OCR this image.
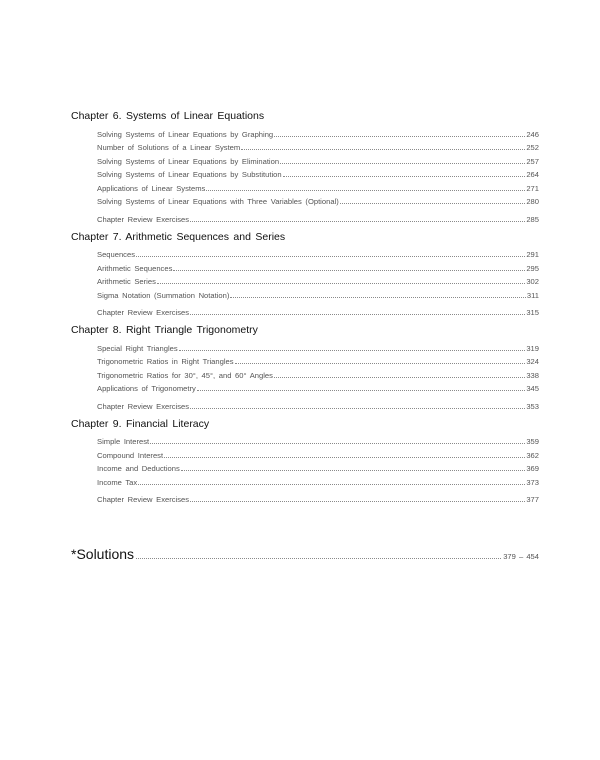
Chapter 6. Systems of Linear Equations
Solving Systems of Linear Equations by Graphing	246
Number of Solutions of a Linear System	252
Solving Systems of Linear Equations by Elimination	257
Solving Systems of Linear Equations by Substitution	264
Applications of Linear Systems	271
Solving Systems of Linear Equations with Three Variables (Optional)	280
Chapter Review Exercises	285
Chapter 7. Arithmetic Sequences and Series
Sequences	291
Arithmetic Sequences	295
Arithmetic Series	302
Sigma Notation (Summation Notation)	311
Chapter Review Exercises	315
Chapter 8. Right Triangle Trigonometry
Special Right Triangles	319
Trigonometric Ratios in Right Triangles	324
Trigonometric Ratios for 30°, 45°, and 60° Angles	338
Applications of Trigonometry	345
Chapter Review Exercises	353
Chapter 9. Financial Literacy
Simple Interest	359
Compound Interest	362
Income and Deductions	369
Income Tax	373
Chapter Review Exercises	377
*Solutions	379 – 454
